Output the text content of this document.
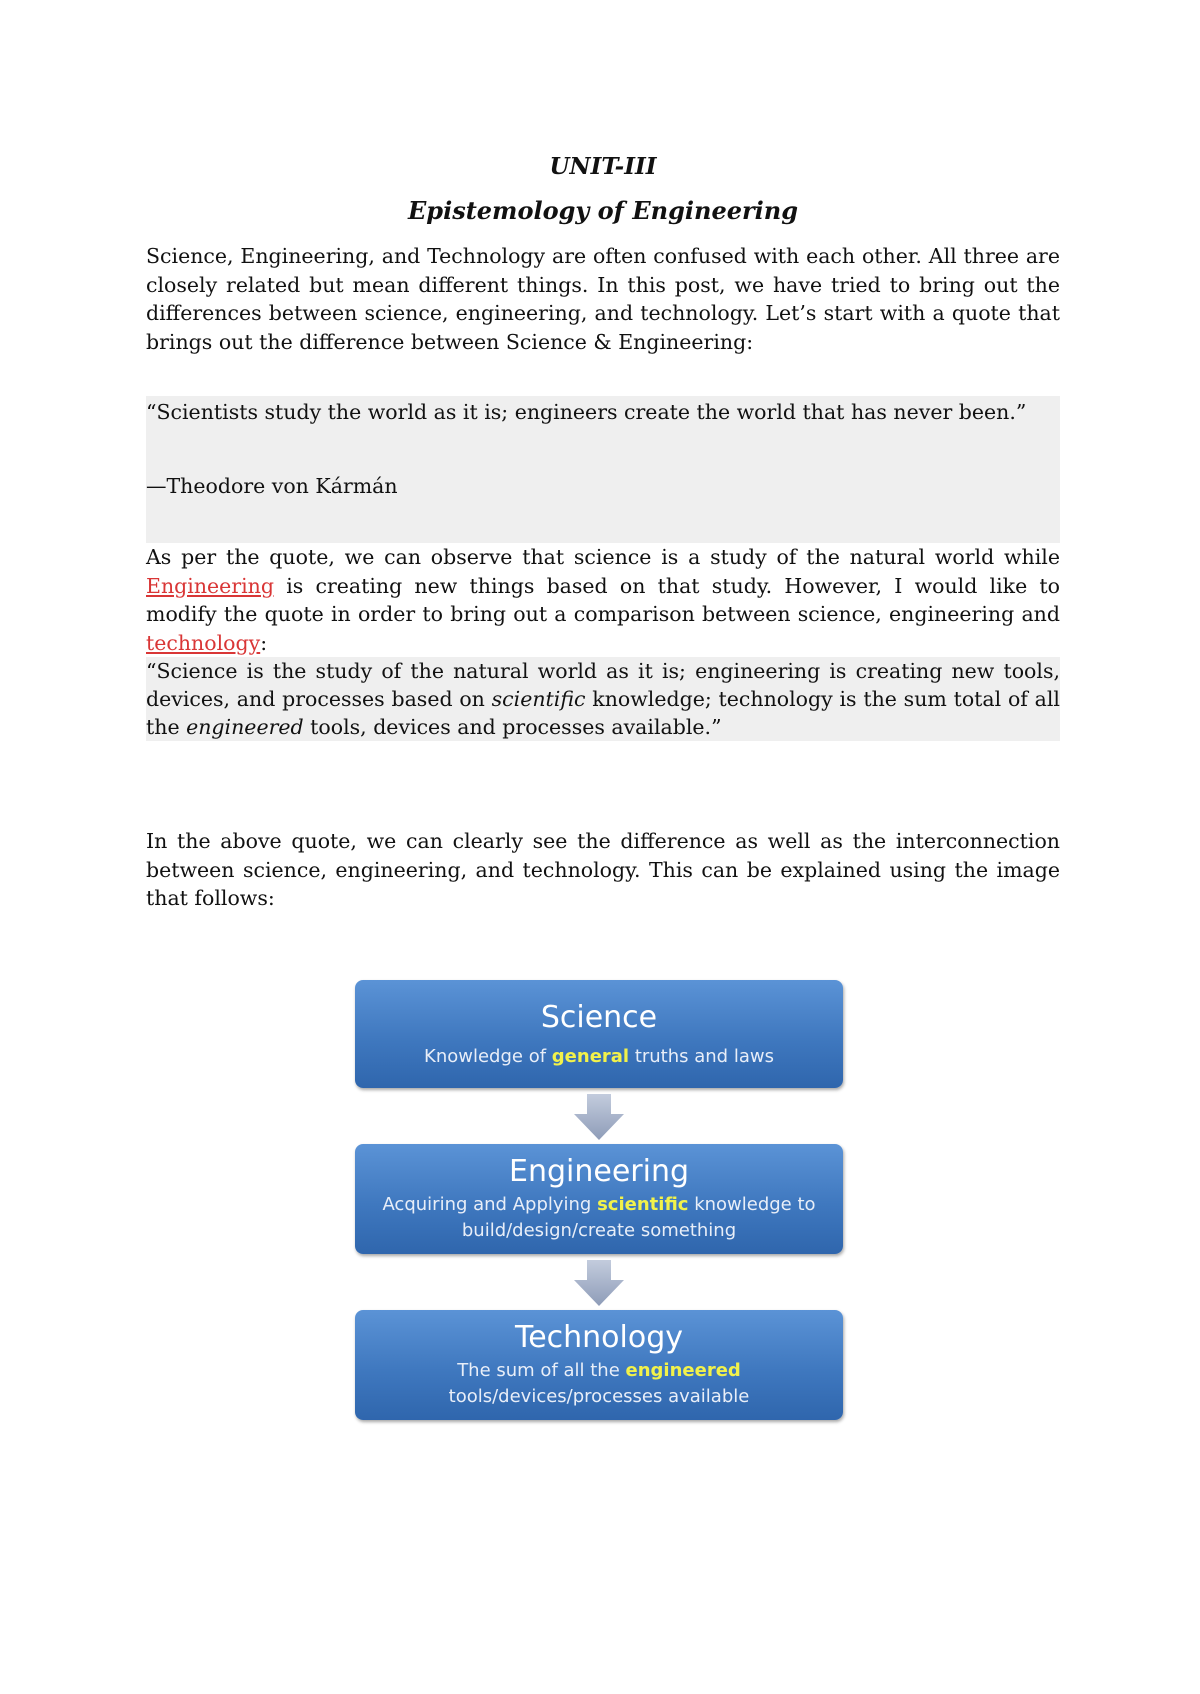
UNIT-III

Epistemology of Engineering

Science, Engineering, and Technology are often confused with each other. All three are closely related but mean different things. In this post, we have tried to bring out the differences between science, engineering, and technology. Let’s start with a quote that brings out the difference between Science & Engineering:

“Scientists study the world as it is; engineers create the world that has never been.”
—Theodore von Kármán

As per the quote, we can observe that science is a study of the natural world while Engineering is creating new things based on that study. However, I would like to modify the quote in order to bring out a comparison between science, engineering and technology:

“Science is the study of the natural world as it is; engineering is creating new tools, devices, and processes based on scientific knowledge; technology is the sum total of all the engineered tools, devices and processes available.”

In the above quote, we can clearly see the difference as well as the interconnection between science, engineering, and technology. This can be explained using the image that follows:

Science
Knowledge of general truths and laws
Engineering
Acquiring and Applying scientific knowledge to
build/design/create something
Technology
The sum of all the engineered
tools/devices/processes available
